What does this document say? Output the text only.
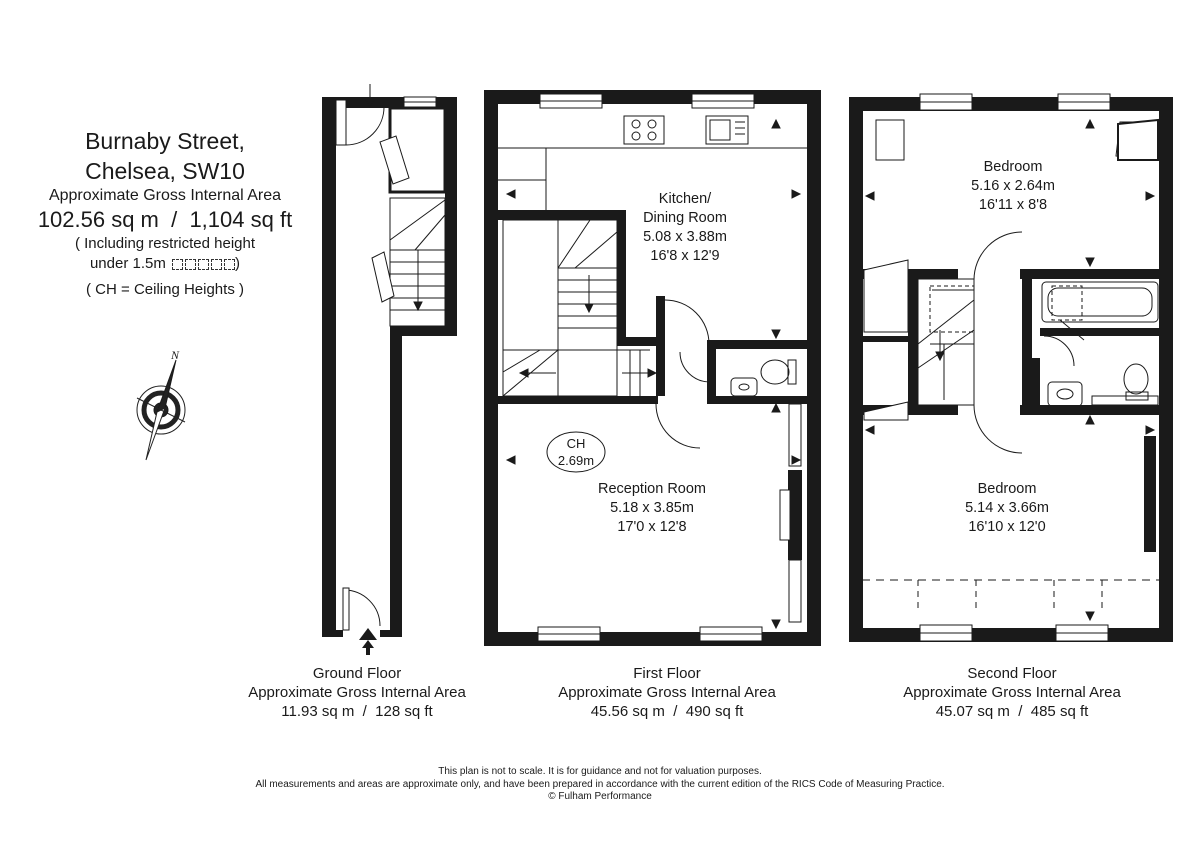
Burnaby Street,
Chelsea, SW10
Approximate Gross Internal Area
102.56 sq m  /  1,104 sq ft
( Including restricted height
under 1.5m	)
( CH = Ceiling Heights )
N
Kitchen/
Dining Room
5.08 x 3.88m
16'8 x 12'9
CH
2.69m
Reception Room
5.18 x 3.85m
17'0 x 12'8
Bedroom
5.16 x 2.64m
16'11 x 8'8
Bedroom
5.14 x 3.66m
16'10 x 12'0
Ground Floor
Approximate Gross Internal Area
11.93 sq m  /  128 sq ft
First Floor
Approximate Gross Internal Area
45.56 sq m  /  490 sq ft
Second Floor
Approximate Gross Internal Area
45.07 sq m  /  485 sq ft
This plan is not to scale. It is for guidance and not for valuation purposes.
All measurements and areas are approximate only, and have been prepared in accordance with the current edition of the RICS Code of Measuring Practice.
© Fulham Performance
